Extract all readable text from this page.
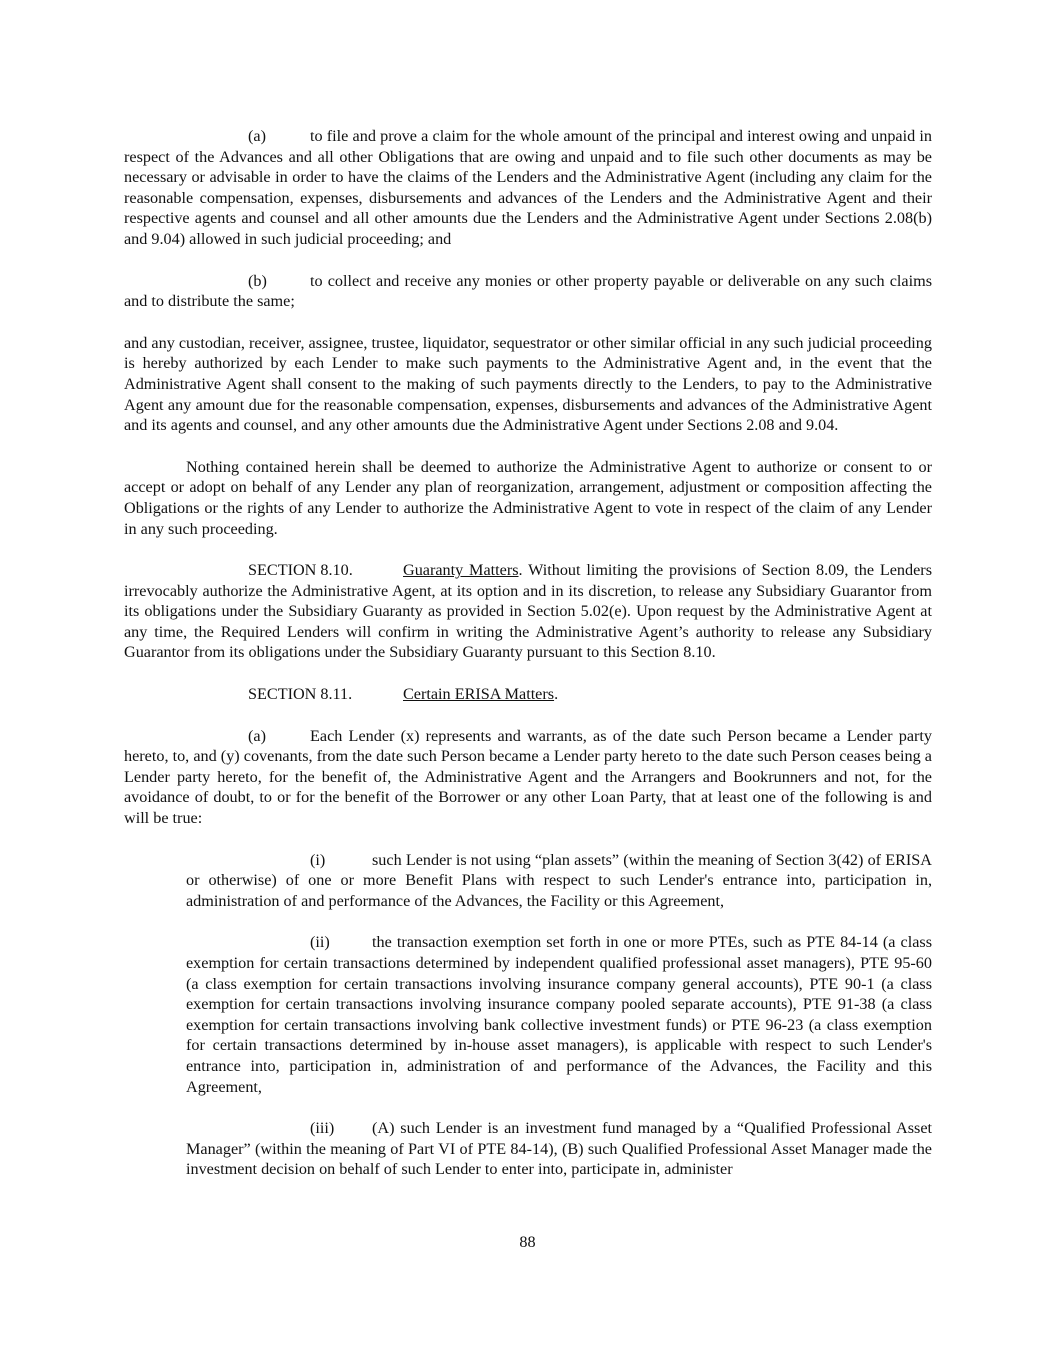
(a)	to file and prove a claim for the whole amount of the principal and interest owing and unpaid in respect of the Advances and all other Obligations that are owing and unpaid and to file such other documents as may be necessary or advisable in order to have the claims of the Lenders and the Administrative Agent (including any claim for the reasonable compensation, expenses, disbursements and advances of the Lenders and the Administrative Agent and their respective agents and counsel and all other amounts due the Lenders and the Administrative Agent under Sections 2.08(b) and 9.04) allowed in such judicial proceeding; and

(b)	to collect and receive any monies or other property payable or deliverable on any such claims and to distribute the same;

and any custodian, receiver, assignee, trustee, liquidator, sequestrator or other similar official in any such judicial proceeding is hereby authorized by each Lender to make such payments to the Administrative Agent and, in the event that the Administrative Agent shall consent to the making of such payments directly to the Lenders, to pay to the Administrative Agent any amount due for the reasonable compensation, expenses, disbursements and advances of the Administrative Agent and its agents and counsel, and any other amounts due the Administrative Agent under Sections 2.08 and 9.04.

Nothing contained herein shall be deemed to authorize the Administrative Agent to authorize or consent to or accept or adopt on behalf of any Lender any plan of reorganization, arrangement, adjustment or composition affecting the Obligations or the rights of any Lender to authorize the Administrative Agent to vote in respect of the claim of any Lender in any such proceeding.

SECTION 8.10.	Guaranty Matters. Without limiting the provisions of Section 8.09, the Lenders irrevocably authorize the Administrative Agent, at its option and in its discretion, to release any Subsidiary Guarantor from its obligations under the Subsidiary Guaranty as provided in Section 5.02(e). Upon request by the Administrative Agent at any time, the Required Lenders will confirm in writing the Administrative Agent’s authority to release any Subsidiary Guarantor from its obligations under the Subsidiary Guaranty pursuant to this Section 8.10.

SECTION 8.11.	Certain ERISA Matters.

(a)	Each Lender (x) represents and warrants, as of the date such Person became a Lender party hereto, to, and (y) covenants, from the date such Person became a Lender party hereto to the date such Person ceases being a Lender party hereto, for the benefit of, the Administrative Agent and the Arrangers and Bookrunners and not, for the avoidance of doubt, to or for the benefit of the Borrower or any other Loan Party, that at least one of the following is and will be true:

(i)	such Lender is not using “plan assets” (within the meaning of Section 3(42) of ERISA or otherwise) of one or more Benefit Plans with respect to such Lender's entrance into, participation in, administration of and performance of the Advances, the Facility or this Agreement,

(ii)	the transaction exemption set forth in one or more PTEs, such as PTE 84-14 (a class exemption for certain transactions determined by independent qualified professional asset managers), PTE 95-60 (a class exemption for certain transactions involving insurance company general accounts), PTE 90-1 (a class exemption for certain transactions involving insurance company pooled separate accounts), PTE 91-38 (a class exemption for certain transactions involving bank collective investment funds) or PTE 96-23 (a class exemption for certain transactions determined by in-house asset managers), is applicable with respect to such Lender's entrance into, participation in, administration of and performance of the Advances, the Facility and this Agreement,

(iii) (A) such Lender is an investment fund managed by a “Qualified Professional Asset Manager” (within the meaning of Part VI of PTE 84-14), (B) such Qualified Professional Asset Manager made the investment decision on behalf of such Lender to enter into, participate in, administer

88
